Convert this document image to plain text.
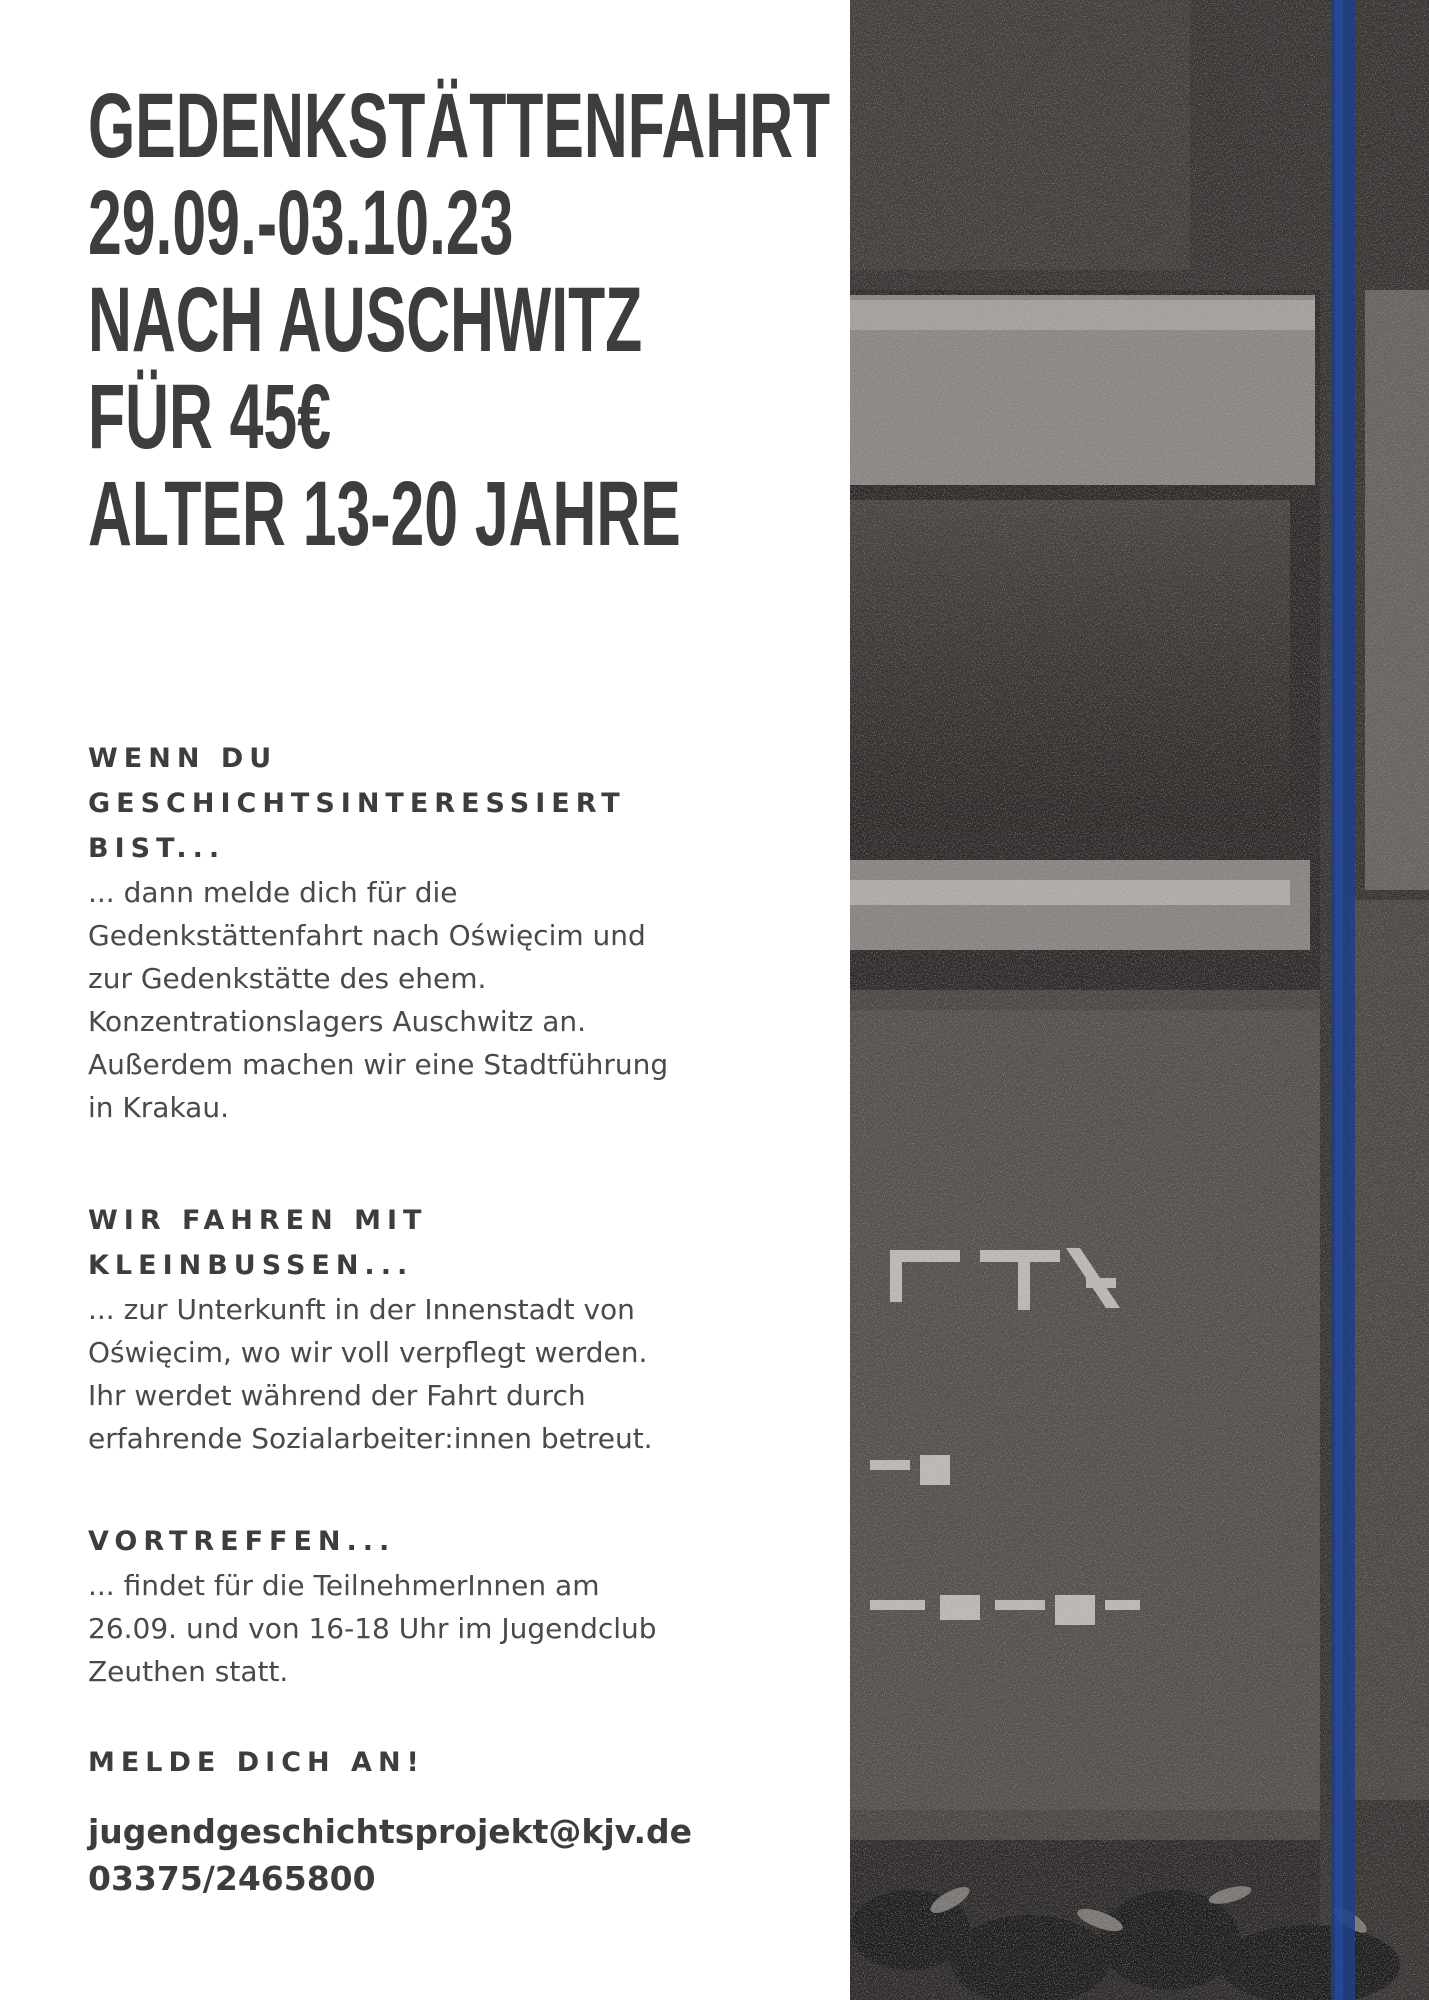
GEDENKSTÄTTENFAHRT
29.09.-03.10.23
NACH AUSCHWITZ
FÜR 45€
ALTER 13-20 JAHRE
WENN DU
GESCHICHTSINTERESSIERT
BIST...
... dann melde dich für die
Gedenkstättenfahrt nach Oświęcim und
zur Gedenkstätte des ehem.
Konzentrationslagers Auschwitz an.
Außerdem machen wir eine Stadtführung
in Krakau.
WIR FAHREN MIT
KLEINBUSSEN...
... zur Unterkunft in der Innenstadt von
Oświęcim, wo wir voll verpflegt werden.
Ihr werdet während der Fahrt durch
erfahrende Sozialarbeiter:innen betreut.
VORTREFFEN...
... findet für die TeilnehmerInnen am
26.09. und von 16-18 Uhr im Jugendclub
Zeuthen statt.
MELDE DICH AN!
jugendgeschichtsprojekt@kjv.de
03375/2465800
